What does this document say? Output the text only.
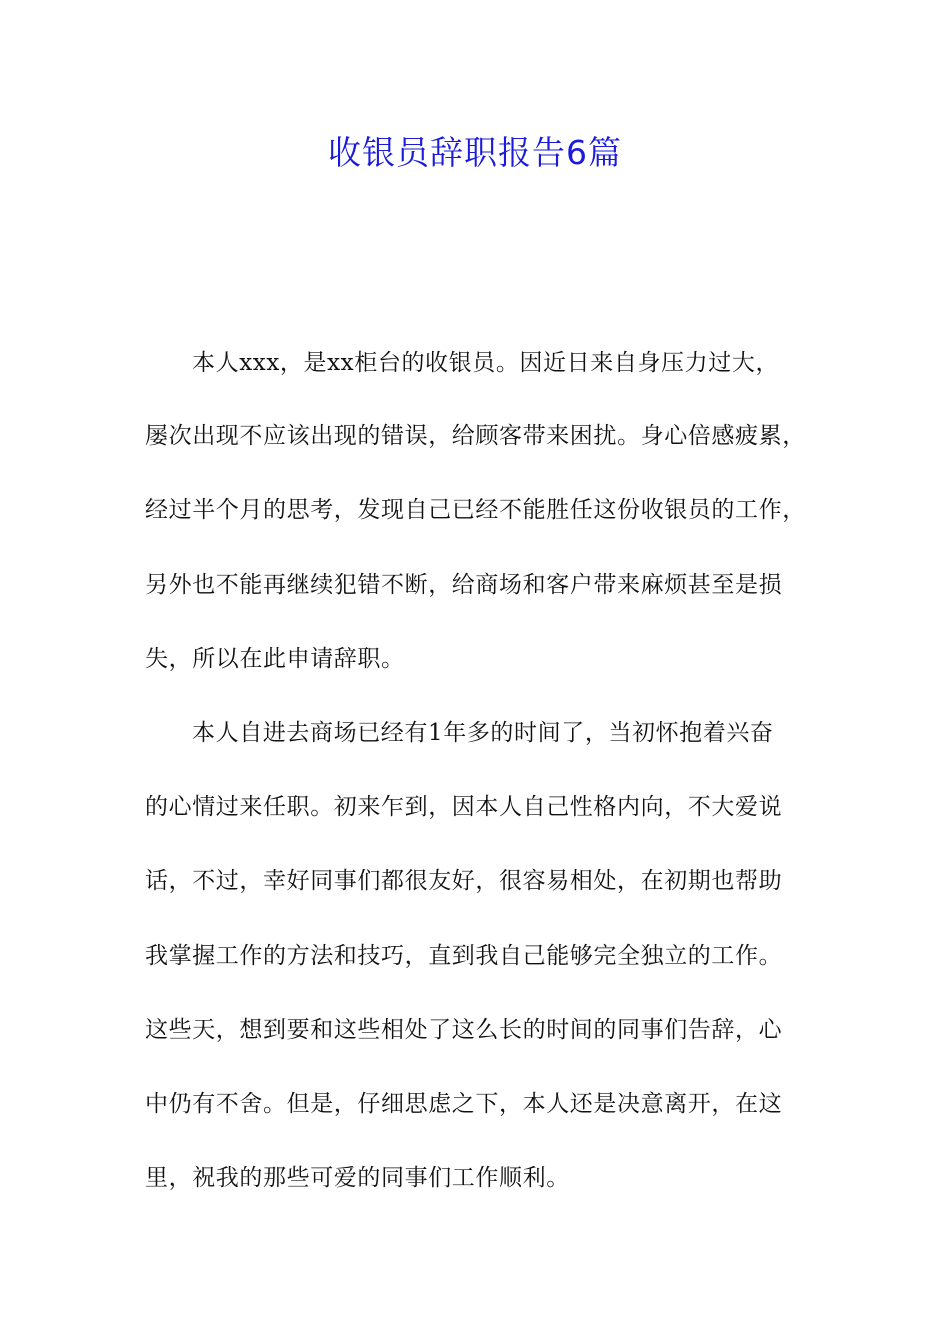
收银员辞职报告6篇

本人xxx，是xx柜台的收银员。因近日来自身压力过大，

屡次出现不应该出现的错误，给顾客带来困扰。身心倍感疲累，

经过半个月的思考，发现自己已经不能胜任这份收银员的工作，

另外也不能再继续犯错不断，给商场和客户带来麻烦甚至是损

失，所以在此申请辞职。

本人自进去商场已经有1年多的时间了，当初怀抱着兴奋

的心情过来任职。初来乍到，因本人自己性格内向，不大爱说

话，不过，幸好同事们都很友好，很容易相处，在初期也帮助

我掌握工作的方法和技巧，直到我自己能够完全独立的工作。

这些天，想到要和这些相处了这么长的时间的同事们告辞，心

中仍有不舍。但是，仔细思虑之下，本人还是决意离开，在这

里，祝我的那些可爱的同事们工作顺利。
